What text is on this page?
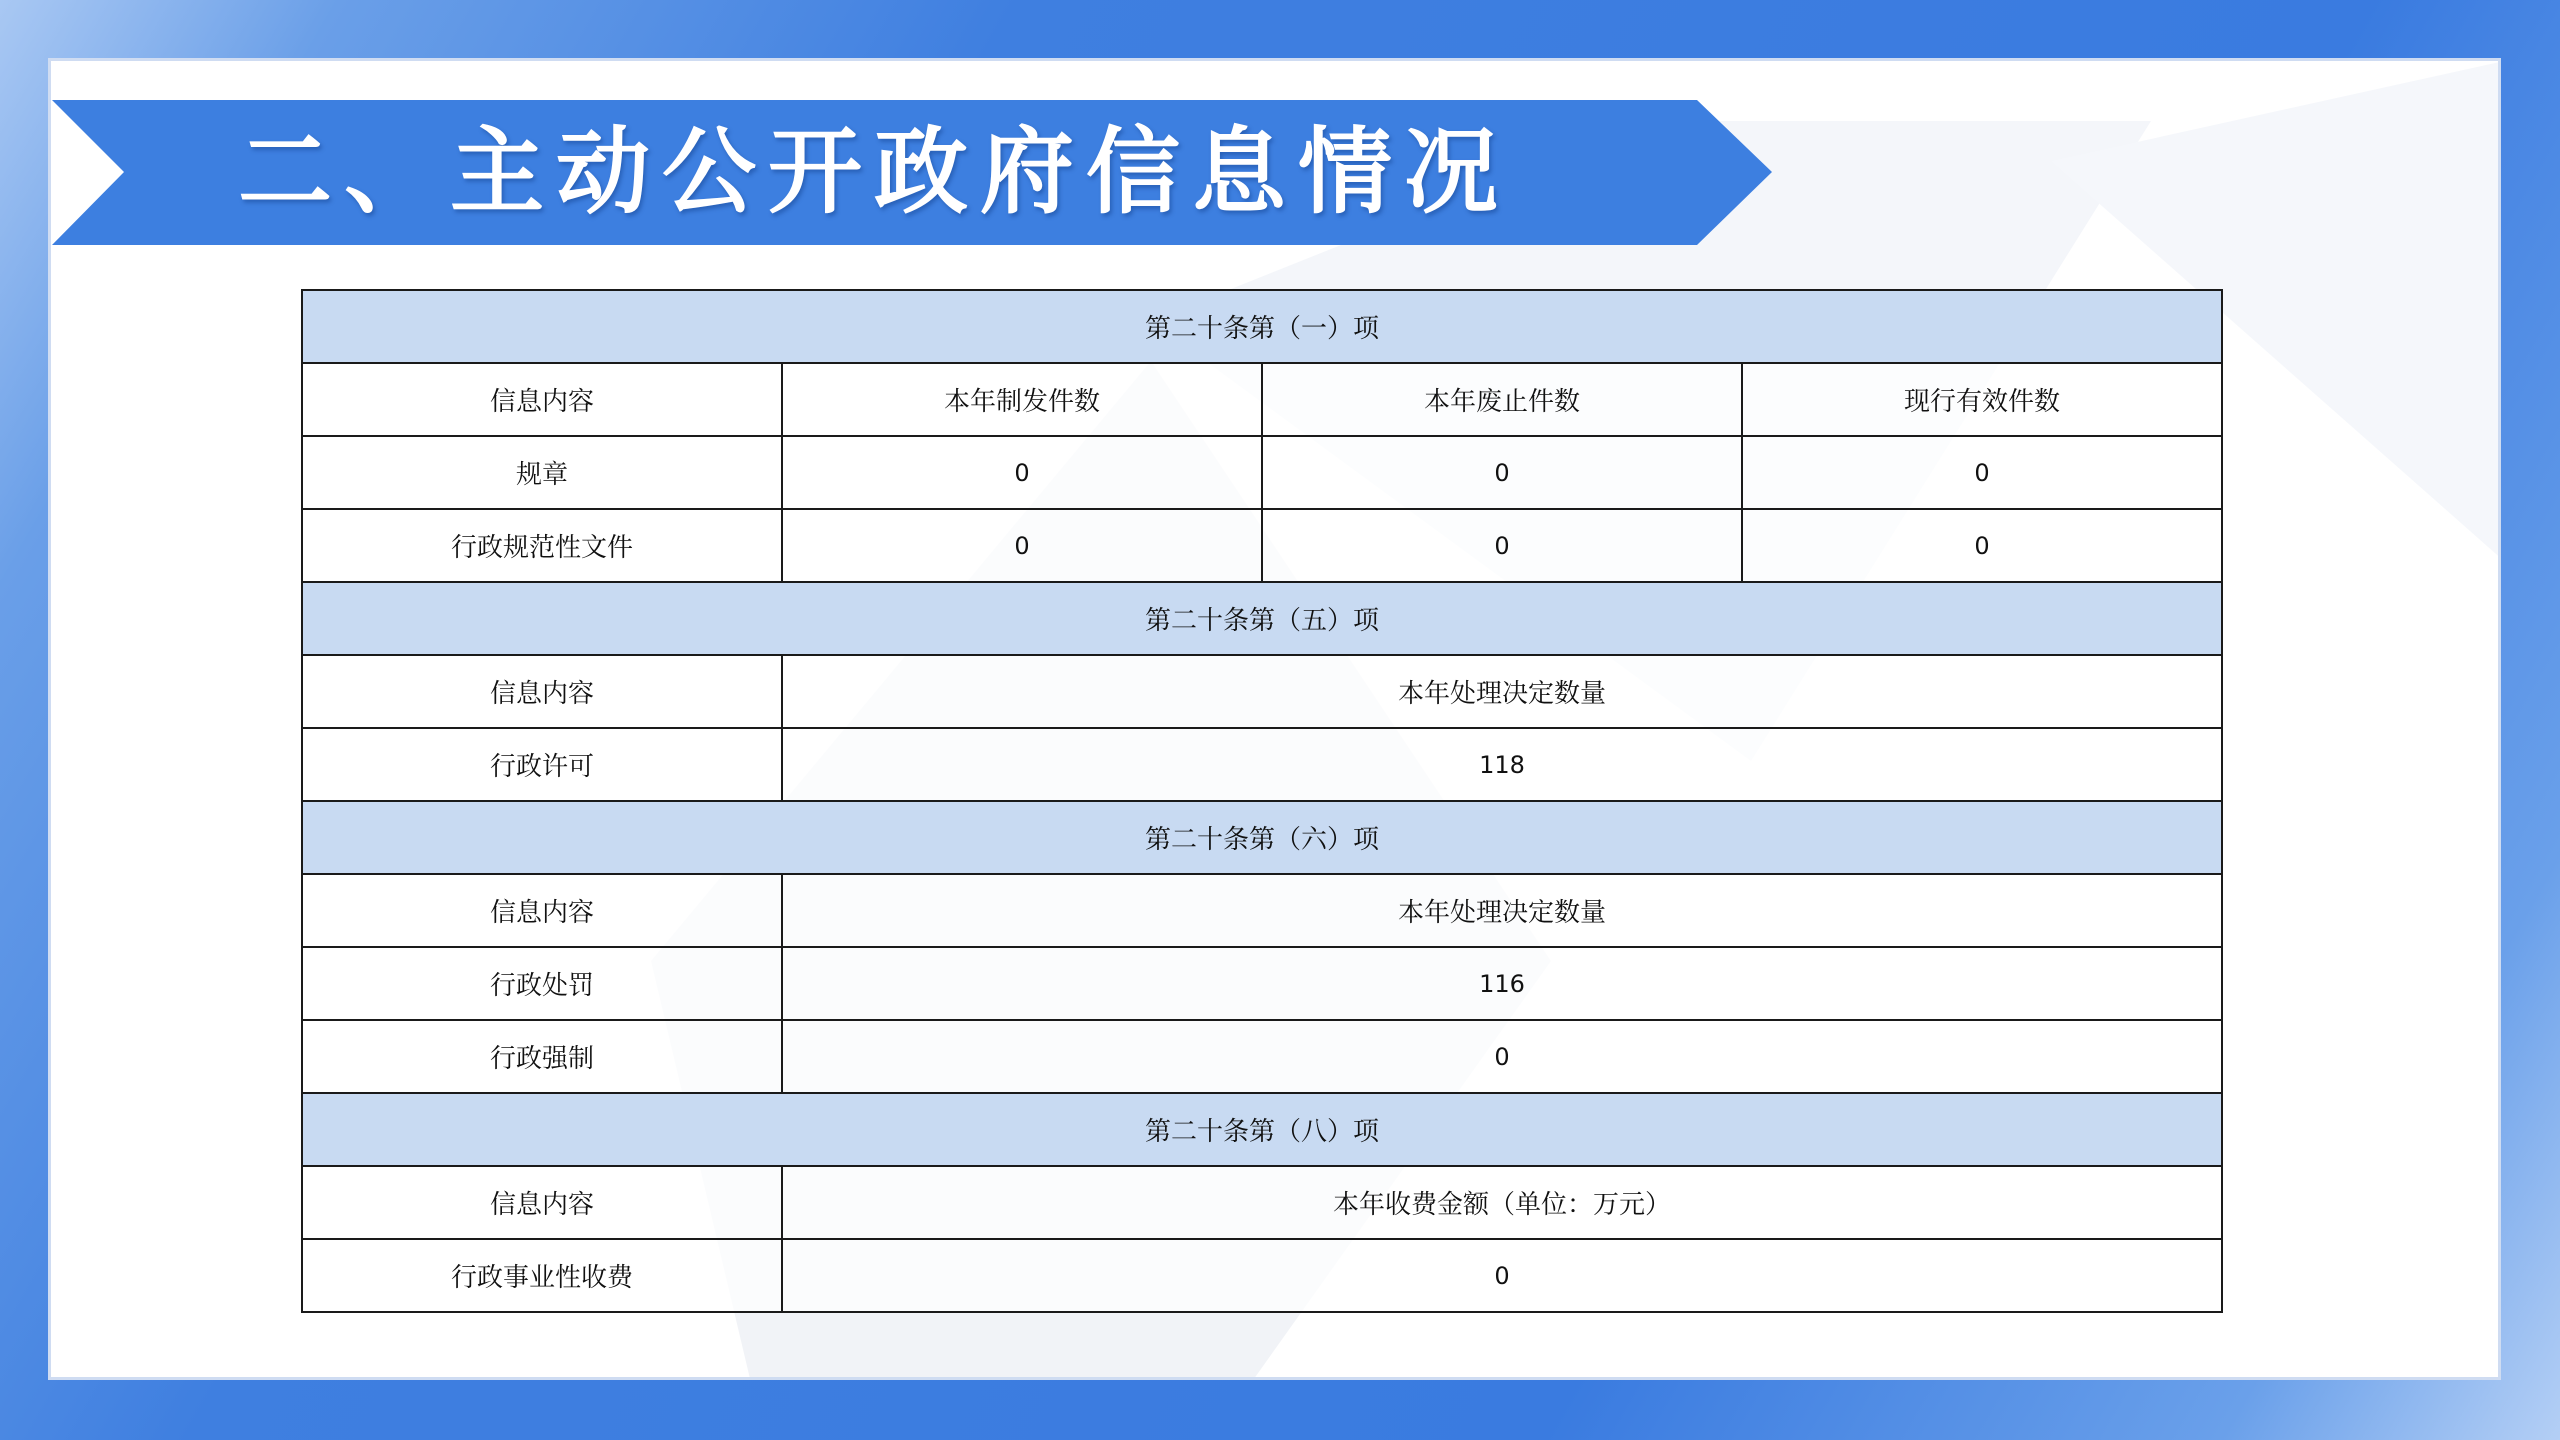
二、主动公开政府信息情况
第二十条第（一）项			
信息内容	本年制发件数	本年废止件数	现行有效件数
规章	0	0	0
行政规范性文件	0	0	0
第二十条第（五）项			
信息内容	本年处理决定数量		
行政许可	118		
第二十条第（六）项			
信息内容	本年处理决定数量		
行政处罚	116		
行政强制	0		
第二十条第（八）项			
信息内容	本年收费金额（单位：万元）		
行政事业性收费	0		
